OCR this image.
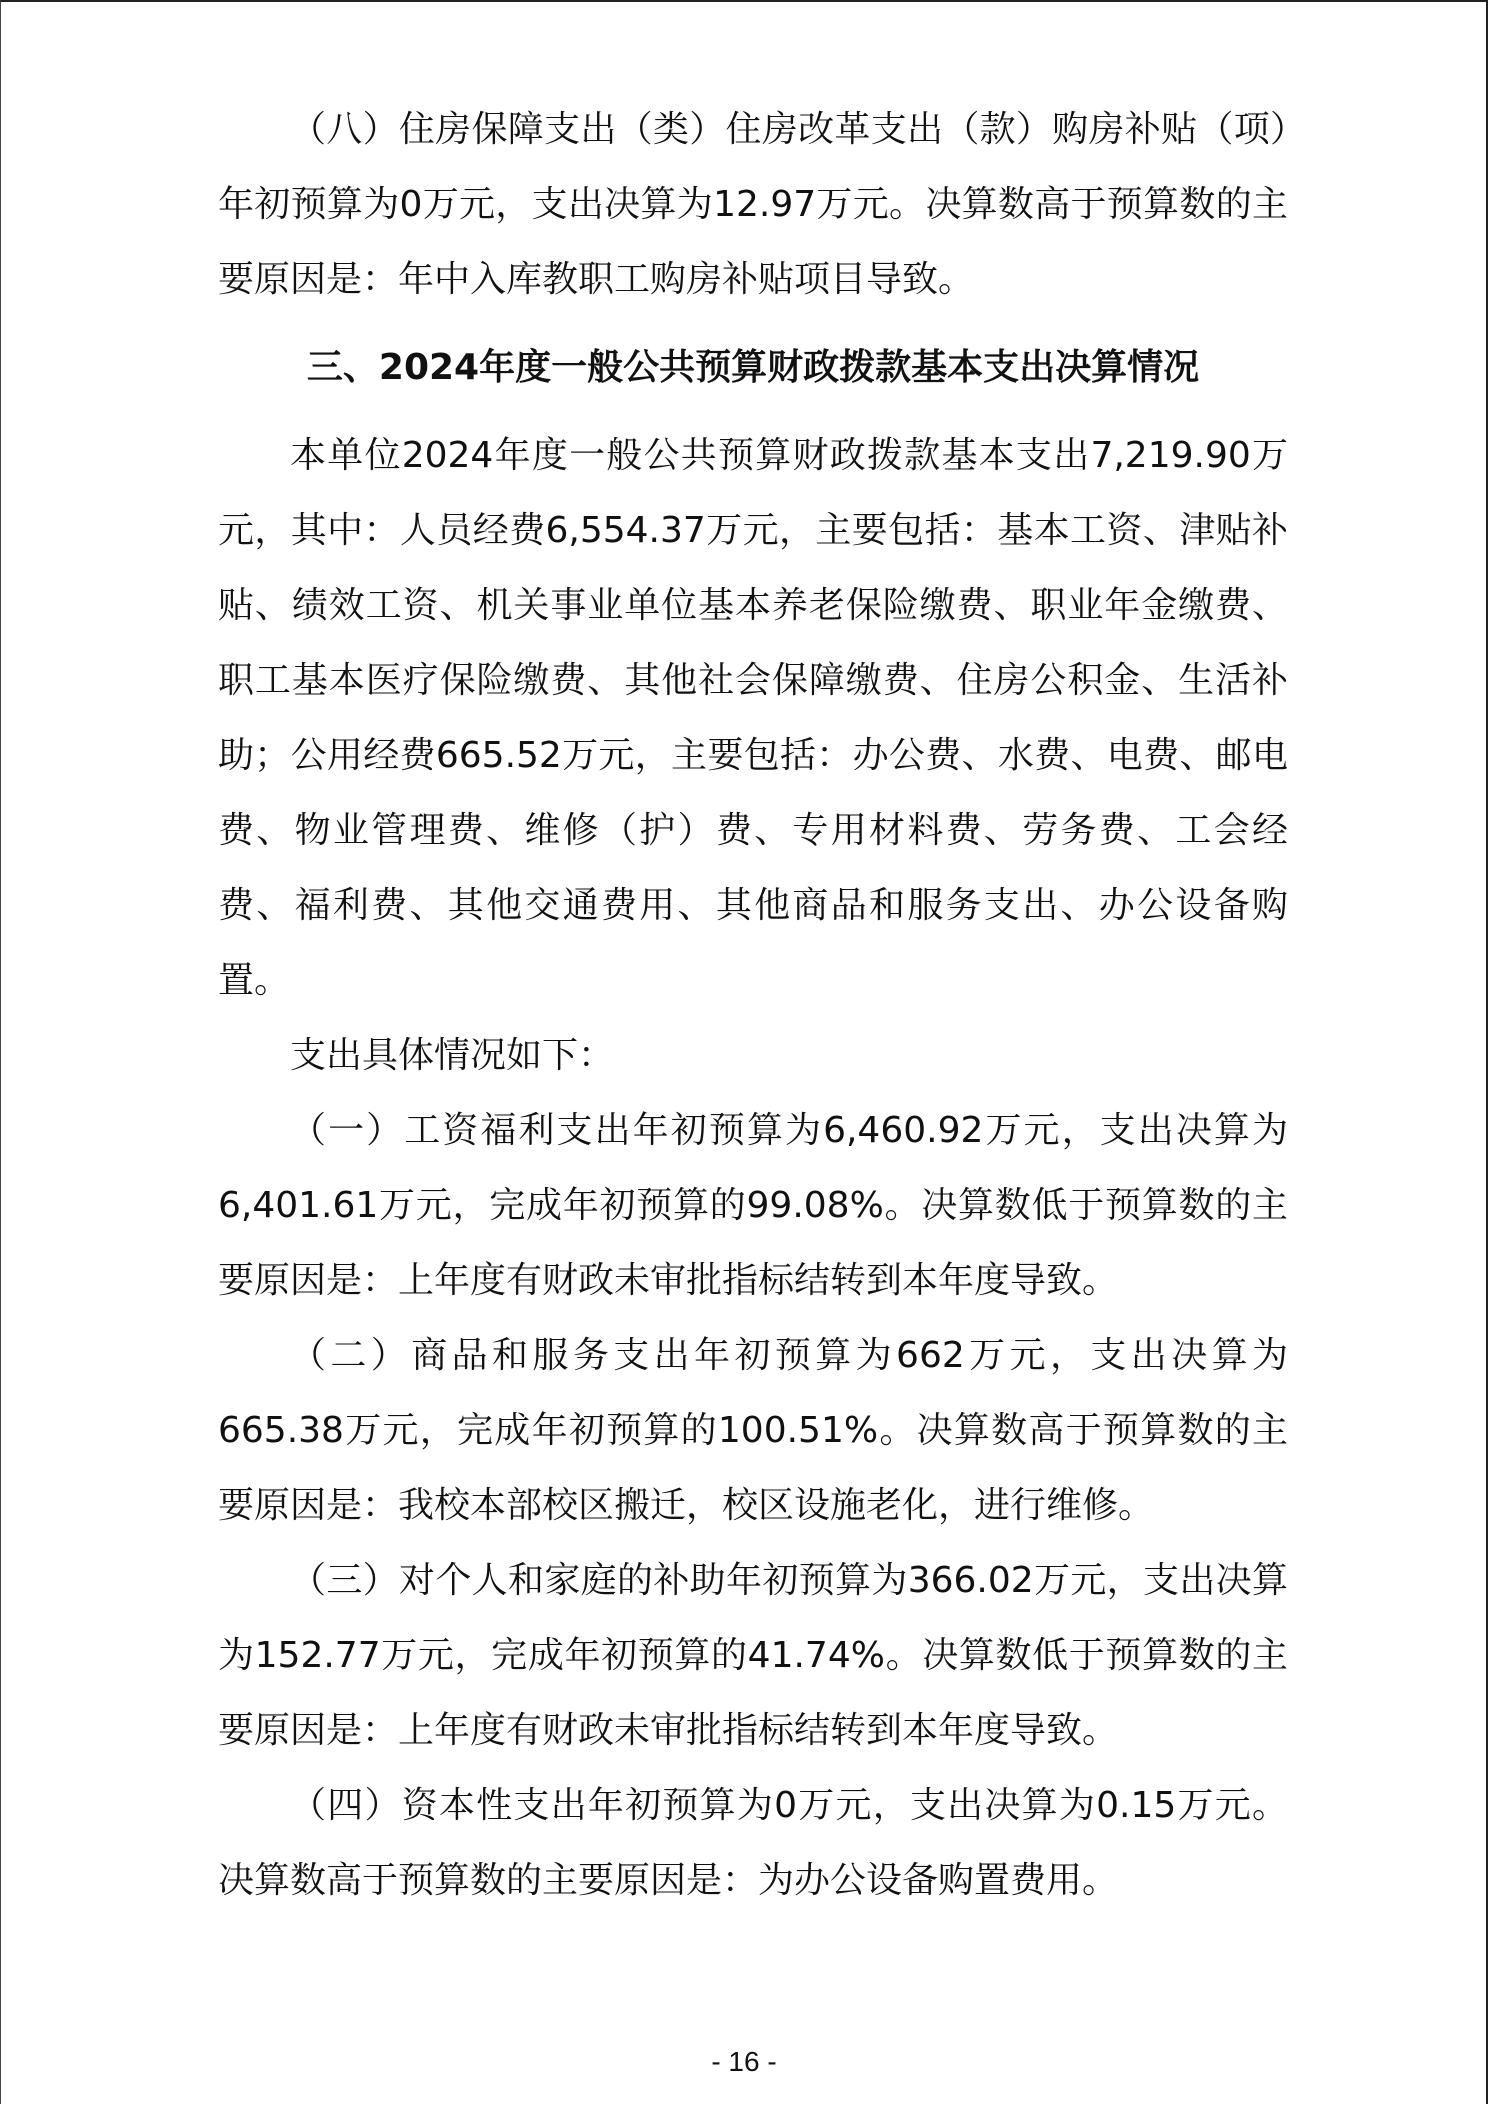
（八）住房保障支出（类）住房改革支出（款）购房补贴（项）年初预算为0万元，支出决算为12.97万元。决算数高于预算数的主要原因是：年中入库教职工购房补贴项目导致。

三、2024年度一般公共预算财政拨款基本支出决算情况

本单位2024年度一般公共预算财政拨款基本支出7,219.90万元，其中：人员经费6,554.37万元，主要包括：基本工资、津贴补贴、绩效工资、机关事业单位基本养老保险缴费、职业年金缴费、职工基本医疗保险缴费、其他社会保障缴费、住房公积金、生活补助；公用经费665.52万元，主要包括：办公费、水费、电费、邮电费、物业管理费、维修（护）费、专用材料费、劳务费、工会经费、福利费、其他交通费用、其他商品和服务支出、办公设备购置。

支出具体情况如下：

（一）工资福利支出年初预算为6,460.92万元，支出决算为6,401.61万元，完成年初预算的99.08%。决算数低于预算数的主要原因是：上年度有财政未审批指标结转到本年度导致。

（二）商品和服务支出年初预算为662万元，支出决算为665.38万元，完成年初预算的100.51%。决算数高于预算数的主要原因是：我校本部校区搬迁，校区设施老化，进行维修。

（三）对个人和家庭的补助年初预算为366.02万元，支出决算为152.77万元，完成年初预算的41.74%。决算数低于预算数的主要原因是：上年度有财政未审批指标结转到本年度导致。

（四）资本性支出年初预算为0万元，支出决算为0.15万元。决算数高于预算数的主要原因是：为办公设备购置费用。

- 16 -
